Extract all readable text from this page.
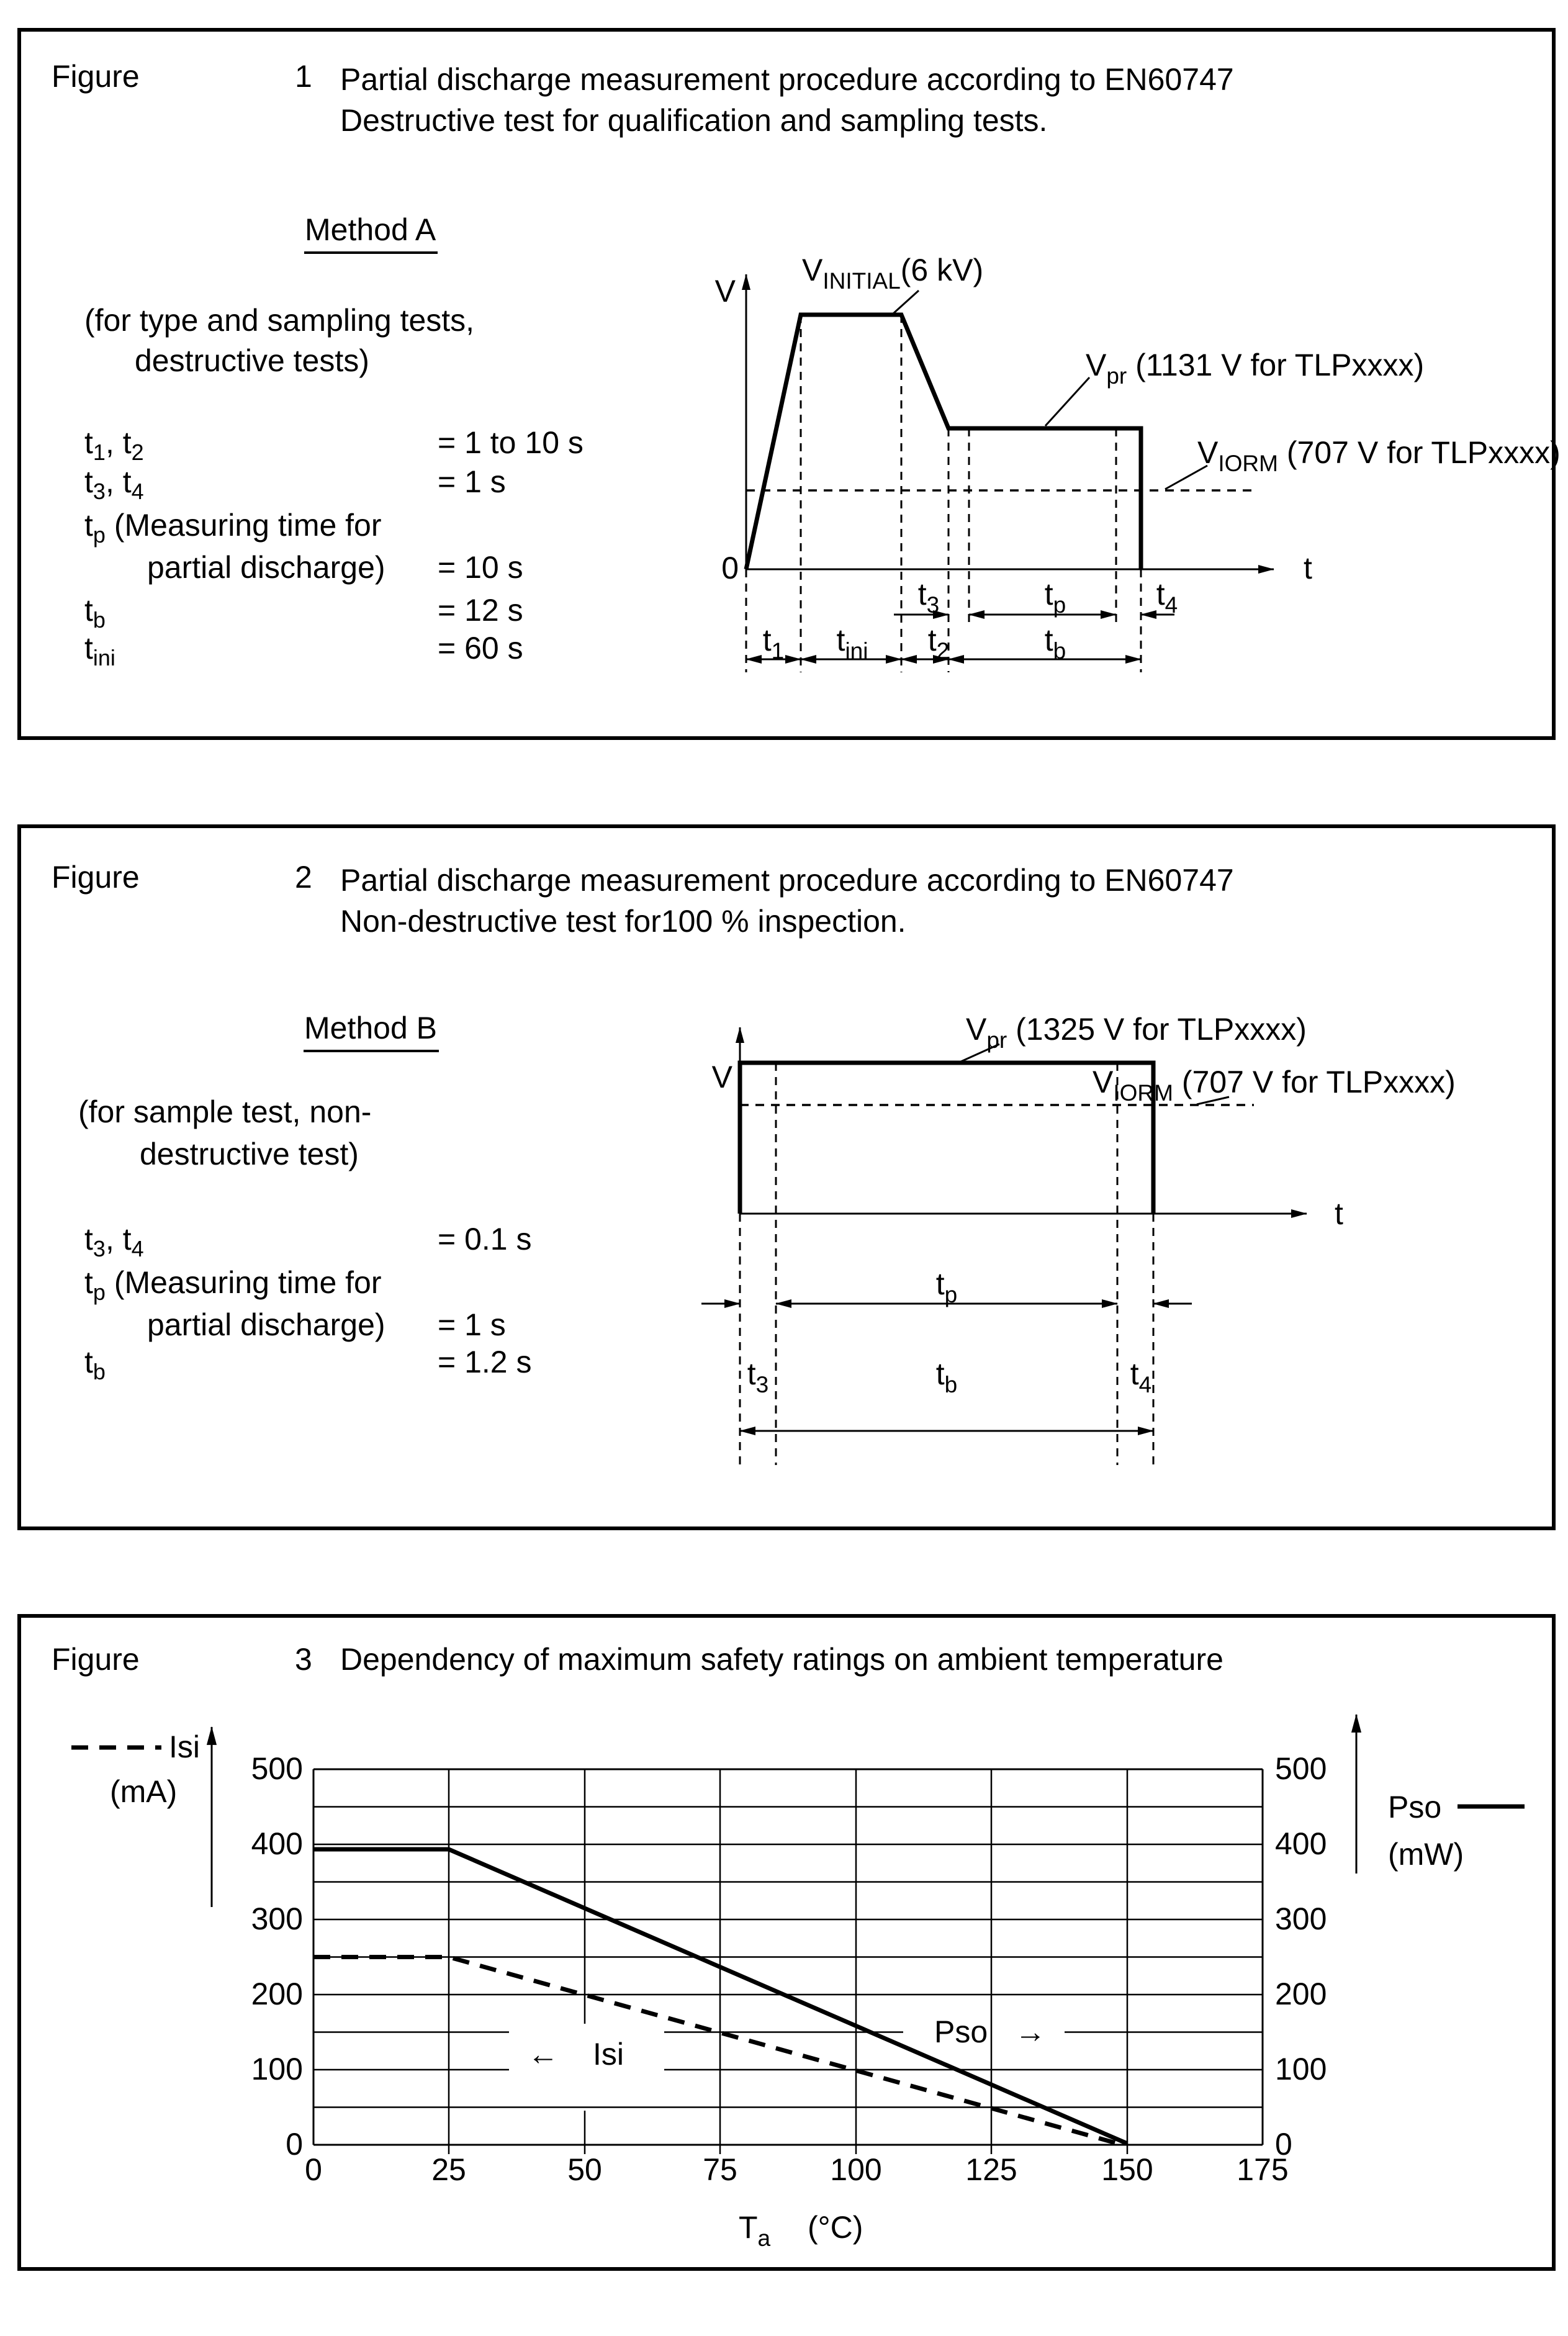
Figure	1 Partial discharge measurement procedure according to EN60747
Destructive test for qualification and sampling tests.
Method A
(for type and sampling tests,
destructive tests)
$t_1$, $t_2$	= 1 to 10 s
$t_3$, $t_4$	= 1 s
$t_p$ (Measuring time for
partial discharge) = 10 s
$t_b$	= 12 s
$t_{ini}$	= 60 s
V
0	t
$V_{INITIAL}(6$ kV)
$V_{pr}$ (1131 V for TLPxxxx)
$V_{IORM}$ (707 V for TLPxxxx)
$t_3$	$t_p$	$t_4$
$t_1$ $t_{ini}$ $t_2$	$t_b$
Figure	2 Partial discharge measurement procedure according to EN60747
Non-destructive test for100 % inspection.
Method B
(for sample test, non-
destructive test)
$t_3$, $t_4$	= 0.1 s
$t_p$ (Measuring time for
partial discharge) = 1 s
$t_b$	= 1.2 s
V
t
$V_{pr}$ (1325 V for TLPxxxx)
$V_{IORM}$ (707 V for TLPxxxx)
$t_p$
$t_3$	$t_b$	$t_4$
Figure	3 Dependency of maximum safety ratings on ambient temperature
500
400
300
200
100
0
500
400
300
200
100
0
0	25	50	75	100	125	150	175
$T_a$ (°C)
Isi
(mA)	Pso
(mW)
← Isi
Pso →
